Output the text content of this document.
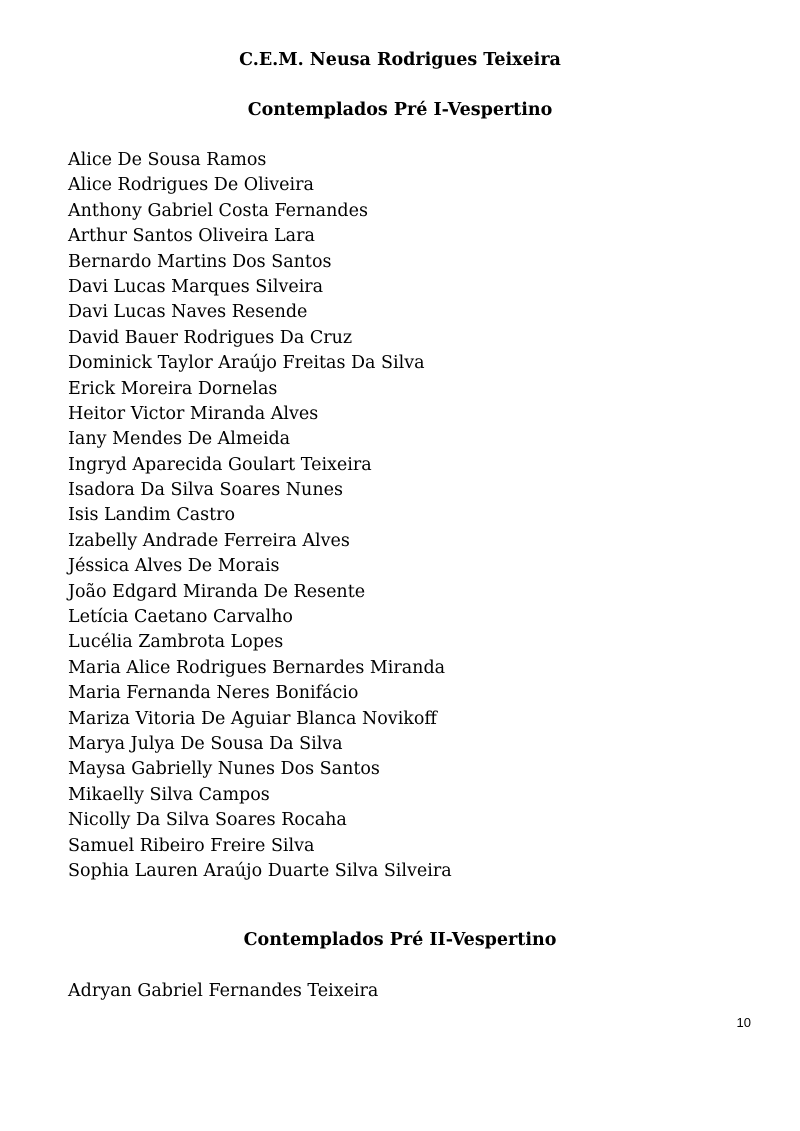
C.E.M. Neusa Rodrigues Teixeira
Contemplados Pré I-Vespertino
Alice De Sousa Ramos
Alice Rodrigues De Oliveira
Anthony Gabriel Costa Fernandes
Arthur Santos Oliveira Lara
Bernardo Martins Dos Santos
Davi Lucas Marques Silveira
Davi Lucas Naves Resende
David Bauer Rodrigues Da Cruz
Dominick Taylor Araújo Freitas Da Silva
Erick Moreira Dornelas
Heitor Victor Miranda Alves
Iany Mendes De Almeida
Ingryd Aparecida Goulart Teixeira
Isadora Da Silva Soares Nunes
Isis Landim Castro
Izabelly Andrade Ferreira Alves
Jéssica Alves De Morais
João Edgard Miranda De Resente
Letícia Caetano Carvalho
Lucélia Zambrota Lopes
Maria Alice Rodrigues Bernardes Miranda
Maria Fernanda Neres Bonifácio
Mariza Vitoria De Aguiar Blanca Novikoff
Marya Julya De Sousa Da Silva
Maysa Gabrielly Nunes Dos Santos
Mikaelly Silva Campos
Nicolly Da Silva Soares Rocaha
Samuel Ribeiro Freire Silva
Sophia Lauren Araújo Duarte Silva Silveira
Contemplados Pré II-Vespertino
Adryan Gabriel Fernandes Teixeira
10
